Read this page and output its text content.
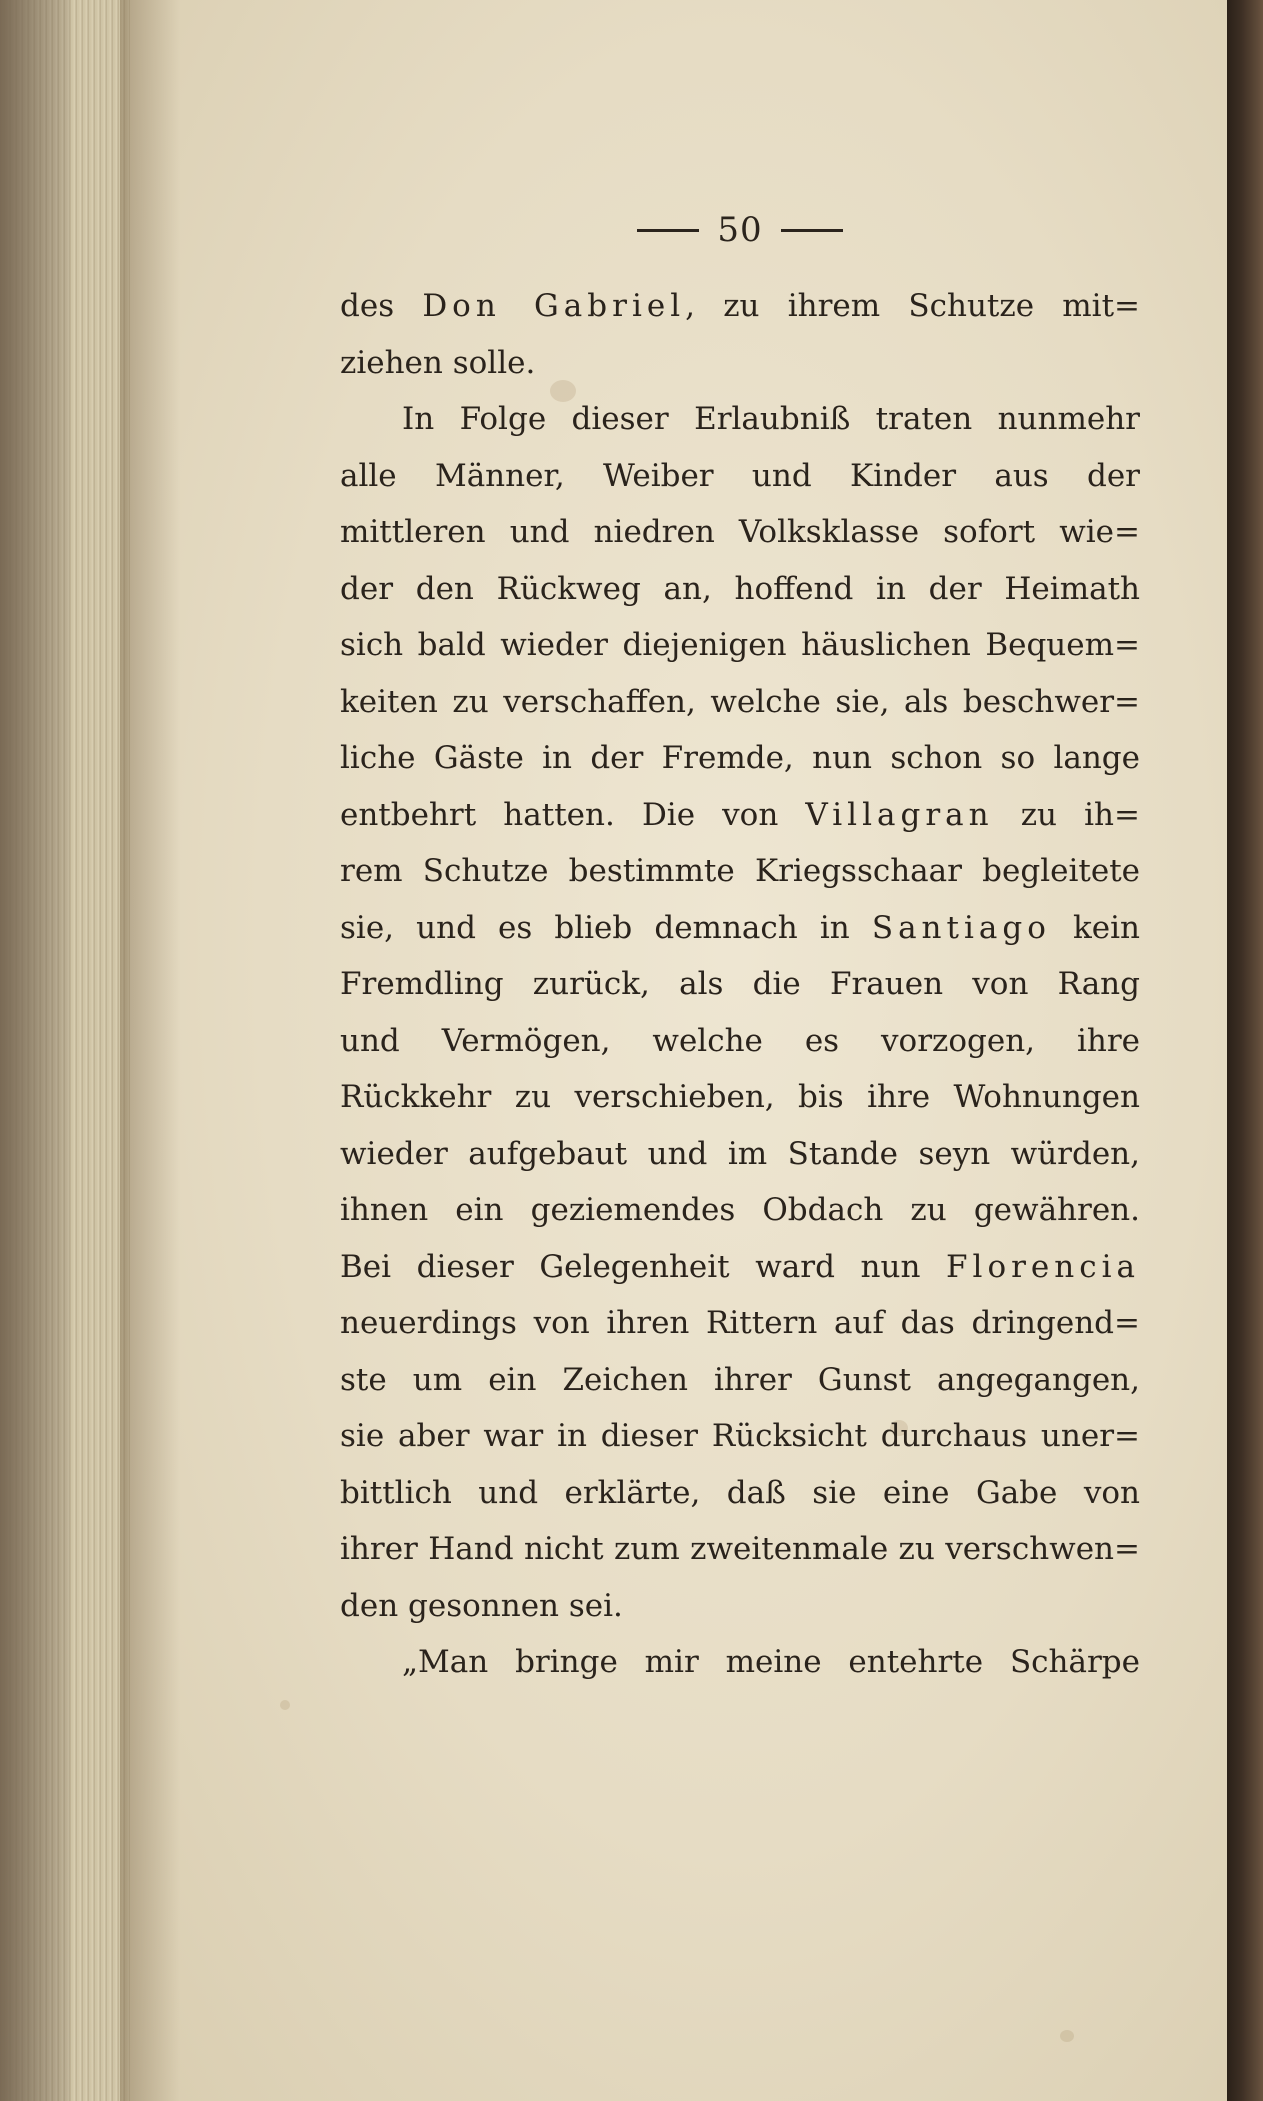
50
des Don Gabriel, zu ihrem Schutze mit=
ziehen solle.
In Folge dieser Erlaubniß traten nunmehr
alle Männer, Weiber und Kinder aus der
mittleren und niedren Volksklasse sofort wie=
der den Rückweg an, hoffend in der Heimath
sich bald wieder diejenigen häuslichen Bequem=
keiten zu verschaffen, welche sie, als beschwer=
liche Gäste in der Fremde, nun schon so lange
entbehrt hatten. Die von Villagran zu ih=
rem Schutze bestimmte Kriegsschaar begleitete
sie, und es blieb demnach in Santiago kein
Fremdling zurück, als die Frauen von Rang
und Vermögen, welche es vorzogen, ihre
Rückkehr zu verschieben, bis ihre Wohnungen
wieder aufgebaut und im Stande seyn würden,
ihnen ein geziemendes Obdach zu gewähren.
Bei dieser Gelegenheit ward nun Florencia
neuerdings von ihren Rittern auf das dringend=
ste um ein Zeichen ihrer Gunst angegangen,
sie aber war in dieser Rücksicht durchaus uner=
bittlich und erklärte, daß sie eine Gabe von
ihrer Hand nicht zum zweitenmale zu verschwen=
den gesonnen sei.
„Man bringe mir meine entehrte Schärpe
